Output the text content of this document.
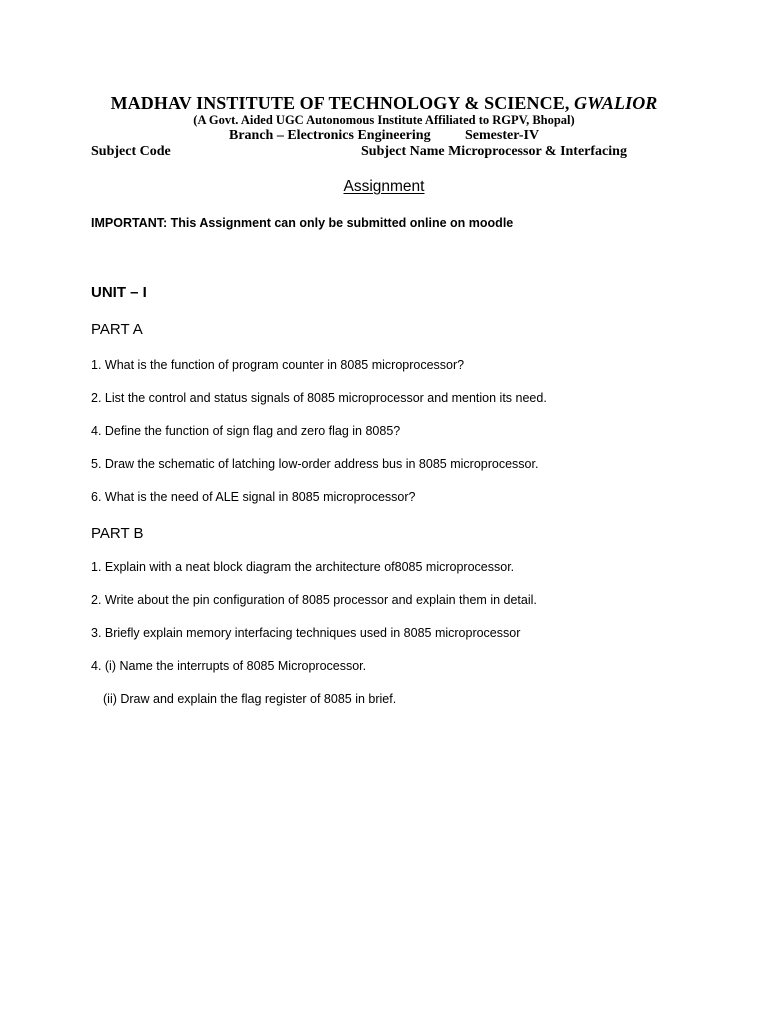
MADHAV INSTITUTE OF TECHNOLOGY & SCIENCE, GWALIOR
(A Govt. Aided UGC Autonomous Institute Affiliated to RGPV, Bhopal)
Branch – Electronics Engineering Semester-IV
Subject Code	Subject Name Microprocessor & Interfacing
Assignment
IMPORTANT: This Assignment can only be submitted online on moodle
UNIT – I
PART A
1. What is the function of program counter in 8085 microprocessor?
2. List the control and status signals of 8085 microprocessor and mention its need.
4. Define the function of sign flag and zero flag in 8085?
5. Draw the schematic of latching low-order address bus in 8085 microprocessor.
6. What is the need of ALE signal in 8085 microprocessor?
PART B
1. Explain with a neat block diagram the architecture of8085 microprocessor.
2. Write about the pin configuration of 8085 processor and explain them in detail.
3. Briefly explain memory interfacing techniques used in 8085 microprocessor
4. (i) Name the interrupts of 8085 Microprocessor.
(ii) Draw and explain the flag register of 8085 in brief.
